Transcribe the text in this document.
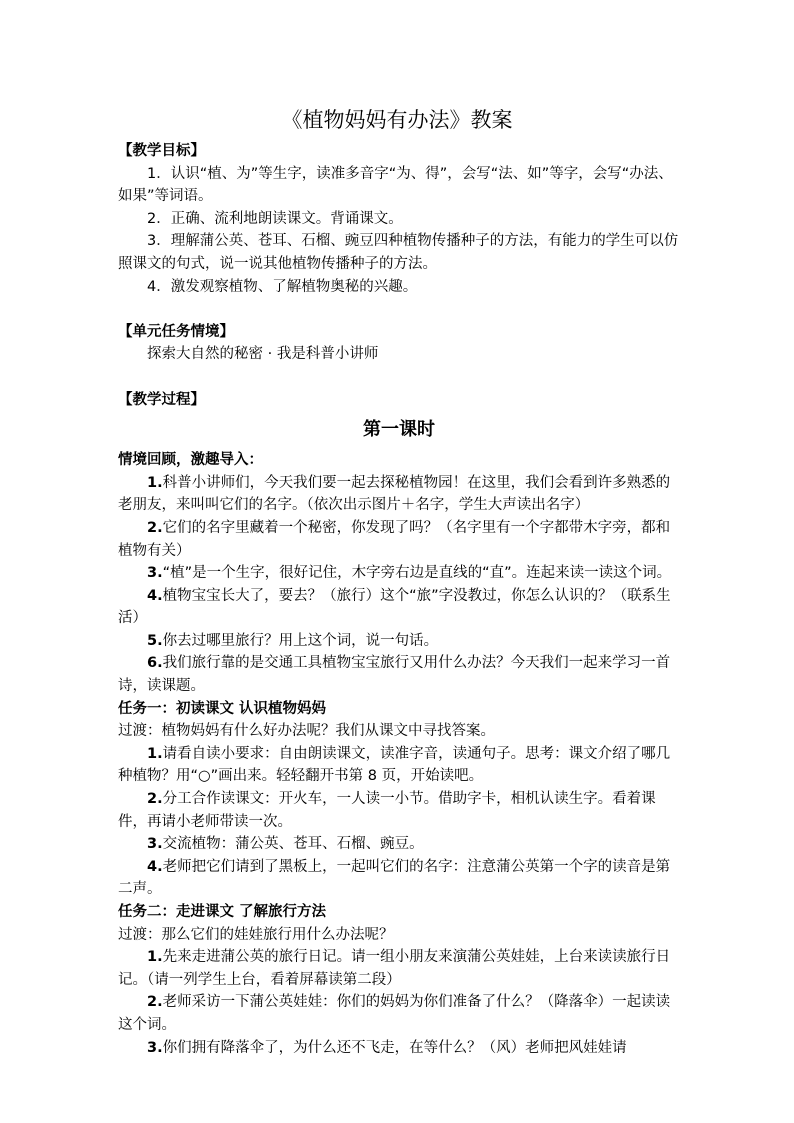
《植物妈妈有办法》教案

【教学目标】

1．认识“植、为”等生字，读准多音字“为、得”，会写“法、如”等字，会写“办法、如果”等词语。

2．正确、流利地朗读课文。背诵课文。

3．理解蒲公英、苍耳、石榴、豌豆四种植物传播种子的方法，有能力的学生可以仿照课文的句式，说一说其他植物传播种子的方法。

4．激发观察植物、了解植物奥秘的兴趣。

【单元任务情境】

探索大自然的秘密 · 我是科普小讲师

【教学过程】

第一课时

情境回顾，激趣导入：

1.科普小讲师们，今天我们要一起去探秘植物园！在这里，我们会看到许多熟悉的老朋友，来叫叫它们的名字。（依次出示图片＋名字，学生大声读出名字）

2.它们的名字里藏着一个秘密，你发现了吗？（名字里有一个字都带木字旁，都和植物有关）

3.“植”是一个生字，很好记住，木字旁右边是直线的“直”。连起来读一读这个词。

4.植物宝宝长大了，要去？（旅行）这个“旅”字没教过，你怎么认识的？（联系生活）

5.你去过哪里旅行？用上这个词，说一句话。

6.我们旅行靠的是交通工具植物宝宝旅行又用什么办法？今天我们一起来学习一首诗，读课题。

任务一：初读课文 认识植物妈妈

过渡：植物妈妈有什么好办法呢？我们从课文中寻找答案。

1.请看自读小要求：自由朗读课文，读准字音，读通句子。思考：课文介绍了哪几种植物？用“○”画出来。轻轻翻开书第 8 页，开始读吧。

2.分工合作读课文：开火车，一人读一小节。借助字卡，相机认读生字。看着课件，再请小老师带读一次。

3.交流植物：蒲公英、苍耳、石榴、豌豆。

4.老师把它们请到了黑板上，一起叫它们的名字：注意蒲公英第一个字的读音是第二声。

任务二：走进课文 了解旅行方法

过渡：那么它们的娃娃旅行用什么办法呢？

1.先来走进蒲公英的旅行日记。请一组小朋友来演蒲公英娃娃，上台来读读旅行日记。（请一列学生上台，看着屏幕读第二段）

2.老师采访一下蒲公英娃娃：你们的妈妈为你们准备了什么？（降落伞）一起读读这个词。

3.你们拥有降落伞了，为什么还不飞走，在等什么？（风）老师把风娃娃请
